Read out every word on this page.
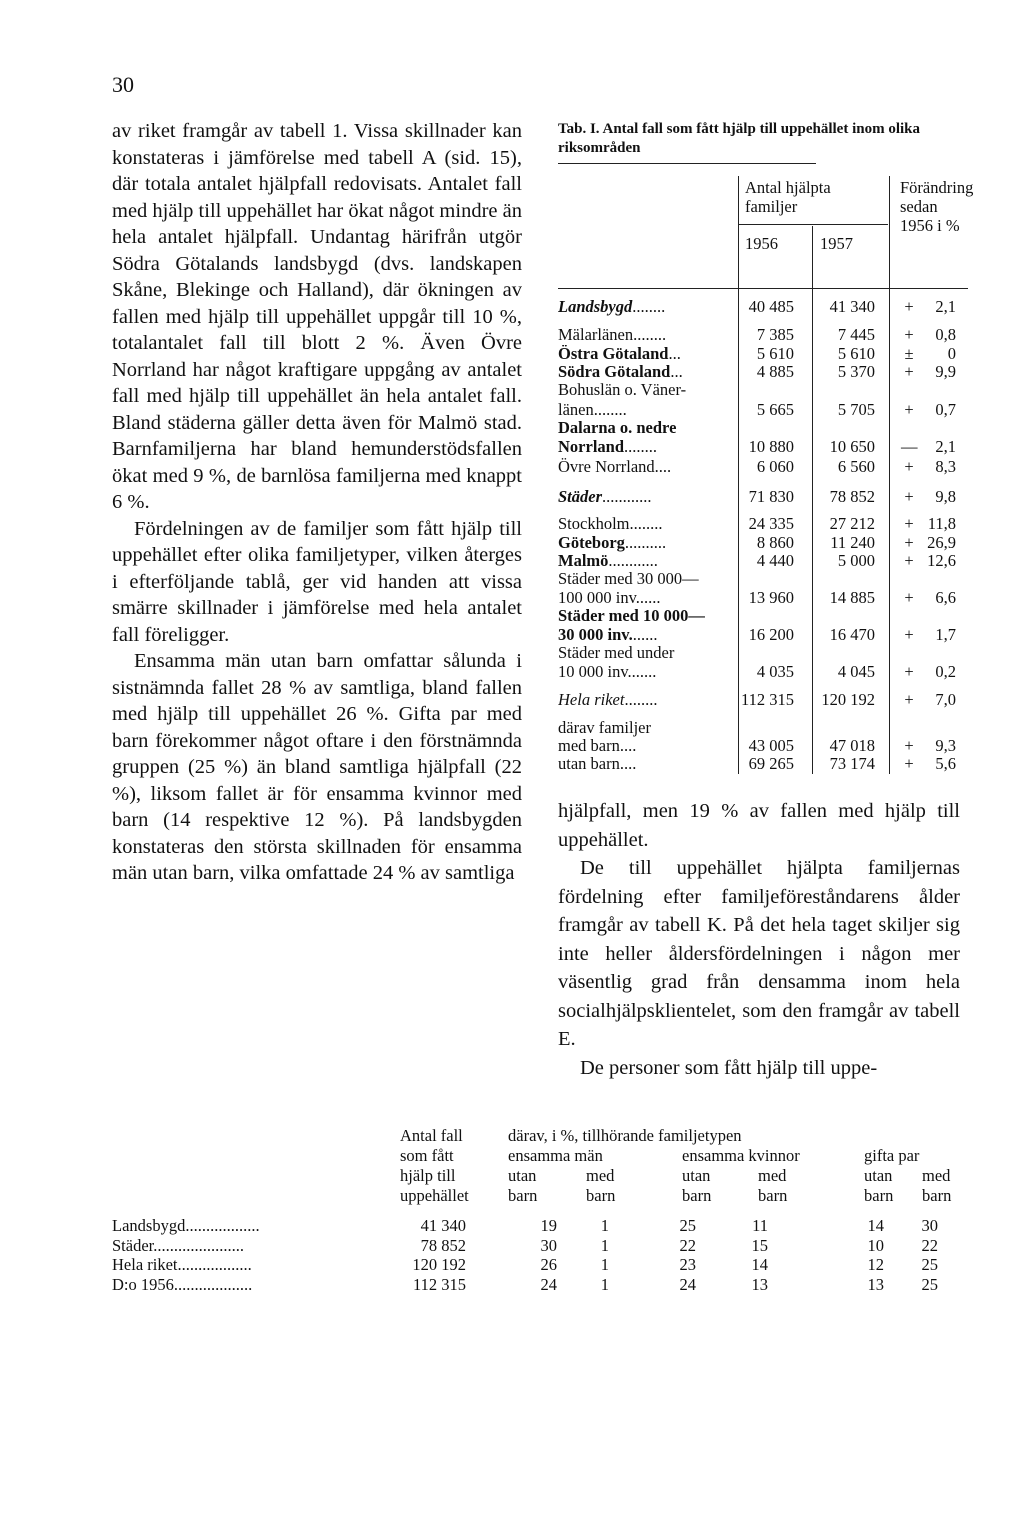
30

av riket framgår av tabell 1. Vissa skillnader kan konstateras i jämförelse med tabell A (sid. 15), där totala antalet hjälpfall redovisats. Antalet fall med hjälp till uppehället har ökat något mindre än hela antalet hjälpfall. Undantag härifrån utgör Södra Götalands landsbygd (dvs. landskapen Skåne, Blekinge och Halland), där ökningen av fallen med hjälp till uppehället uppgår till 10 %, totalantalet fall till blott 2 %. Även Övre Norrland har något kraftigare uppgång av antalet fall med hjälp till uppehället än hela antalet fall. Bland städerna gäller detta även för Malmö stad. Barnfamiljerna har bland hemunderstödsfallen ökat med 9 %, de barnlösa familjerna med knappt 6 %.

Fördelningen av de familjer som fått hjälp till uppehället efter olika familjetyper, vilken återges i efterföljande tablå, ger vid handen att vissa smärre skillnader i jämförelse med hela antalet fall föreligger.

Ensamma män utan barn omfattar sålunda i sistnämnda fallet 28 % av samtliga, bland fallen med hjälp till uppehället 26 %. Gifta par med barn förekommer något oftare i den förstnämnda gruppen (25 %) än bland samtliga hjälpfall (22 %), liksom fallet är för ensamma kvinnor med barn (14 respektive 12 %). På landsbygden konstateras den största skillnaden för ensamma män utan barn, vilka omfattade 24 % av samtliga

Tab. I. Antal fall som fått hjälp till uppehället inom olika riksområden
Antal hjälpta familjer
Förändring sedan 1956 i %
1956	1957
Landsbygd........	40 485	41 340 +	2,1
Mälarlänen........	7 385	7 445 +	0,8
Östra Götaland...	5 610	5 610 ±	0
Södra Götaland...	4 885	5 370 +	9,9
Bohuslän o. Väner-
länen........	5 665	5 705 +	0,7
Dalarna o. nedre
Norrland........	10 880	10 650 —	2,1
Övre Norrland....	6 060	6 560 +	8,3
Städer............	71 830	78 852 +	9,8
Stockholm........	24 335	27 212 + 11,8
Göteborg..........	8 860	11 240 + 26,9
Malmö............	4 440	5 000 + 12,6
Städer med 30 000—
100 000 inv......	13 960	14 885 +	6,6
Städer med 10 000—
30 000 inv.......	16 200	16 470 +	1,7
Städer med under
10 000 inv.......	4 035	4 045 +	0,2
Hela riket........	112 315	120 192 +	7,0
därav familjer
med barn....	43 005	47 018 +	9,3
utan barn....	69 265	73 174 +	5,6

hjälpfall, men 19 % av fallen med hjälp till uppehället.

De till uppehället hjälpta familjernas fördelning efter familjeföreståndarens ålder framgår av tabell K. På det hela taget skiljer sig inte heller åldersfördelningen i någon mer väsentlig grad från densamma inom hela socialhjälpsklientelet, som den framgår av tabell E.

De personer som fått hjälp till uppe-

Antal fall
som fått
hjälp till
uppehället
därav, i %, tillhörande familjetypen
ensamma män	ensamma kvinnor	gifta par
utan	med	utan	med	utan med
barn	barn	barn	barn	barn barn
Landsbygd..................	41 340	19	1	25	11	14	30
Städer......................	78 852	30	1	22	15	10	22
Hela riket..................	120 192	26	1	23	14	12	25
D:o 1956...................	112 315	24	1	24	13	13	25
